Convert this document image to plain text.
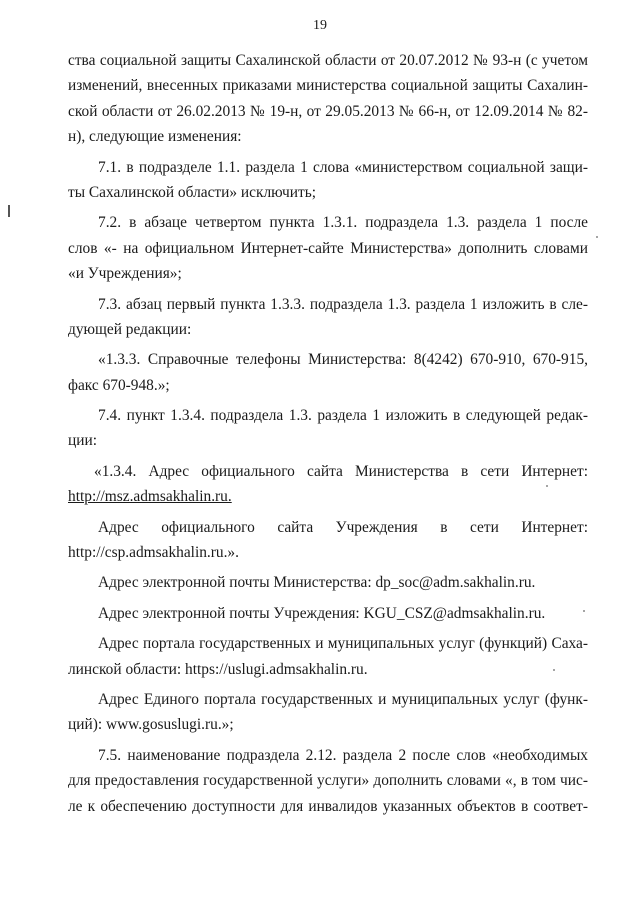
19
ства социальной защиты Сахалинской области от 20.07.2012 № 93-н (с учетом
изменений, внесенных приказами министерства социальной защиты Сахалин-
ской области от 26.02.2013 № 19-н, от 29.05.2013 № 66-н, от 12.09.2014 № 82-
н), следующие изменения:
7.1. в подразделе 1.1. раздела 1 слова «министерством социальной защи-
ты Сахалинской области» исключить;
7.2. в абзаце четвертом пункта 1.3.1. подраздела 1.3. раздела 1 после
слов «- на официальном Интернет-сайте Министерства» дополнить словами
«и Учреждения»;
7.3. абзац первый пункта 1.3.3. подраздела 1.3. раздела 1 изложить в сле-
дующей редакции:
«1.3.3. Справочные телефоны Министерства: 8(4242) 670-910, 670-915,
факс 670-948.»;
7.4. пункт 1.3.4. подраздела 1.3. раздела 1 изложить в следующей редак-
ции:
«1.3.4. Адрес официального сайта Министерства в сети Интернет:
http://msz.admsakhalin.ru.
Адрес официального сайта Учреждения в сети Интернет:
http://csp.admsakhalin.ru.».
Адрес электронной почты Министерства: dp_soc@adm.sakhalin.ru.
Адрес электронной почты Учреждения: KGU_CSZ@admsakhalin.ru.
Адрес портала государственных и муниципальных услуг (функций) Саха-
линской области: https://uslugi.admsakhalin.ru.
Адрес Единого портала государственных и муниципальных услуг (функ-
ций): www.gosuslugi.ru.»;
7.5. наименование подраздела 2.12. раздела 2 после слов «необходимых
для предоставления государственной услуги» дополнить словами «, в том чис-
ле к обеспечению доступности для инвалидов указанных объектов в соответ-
